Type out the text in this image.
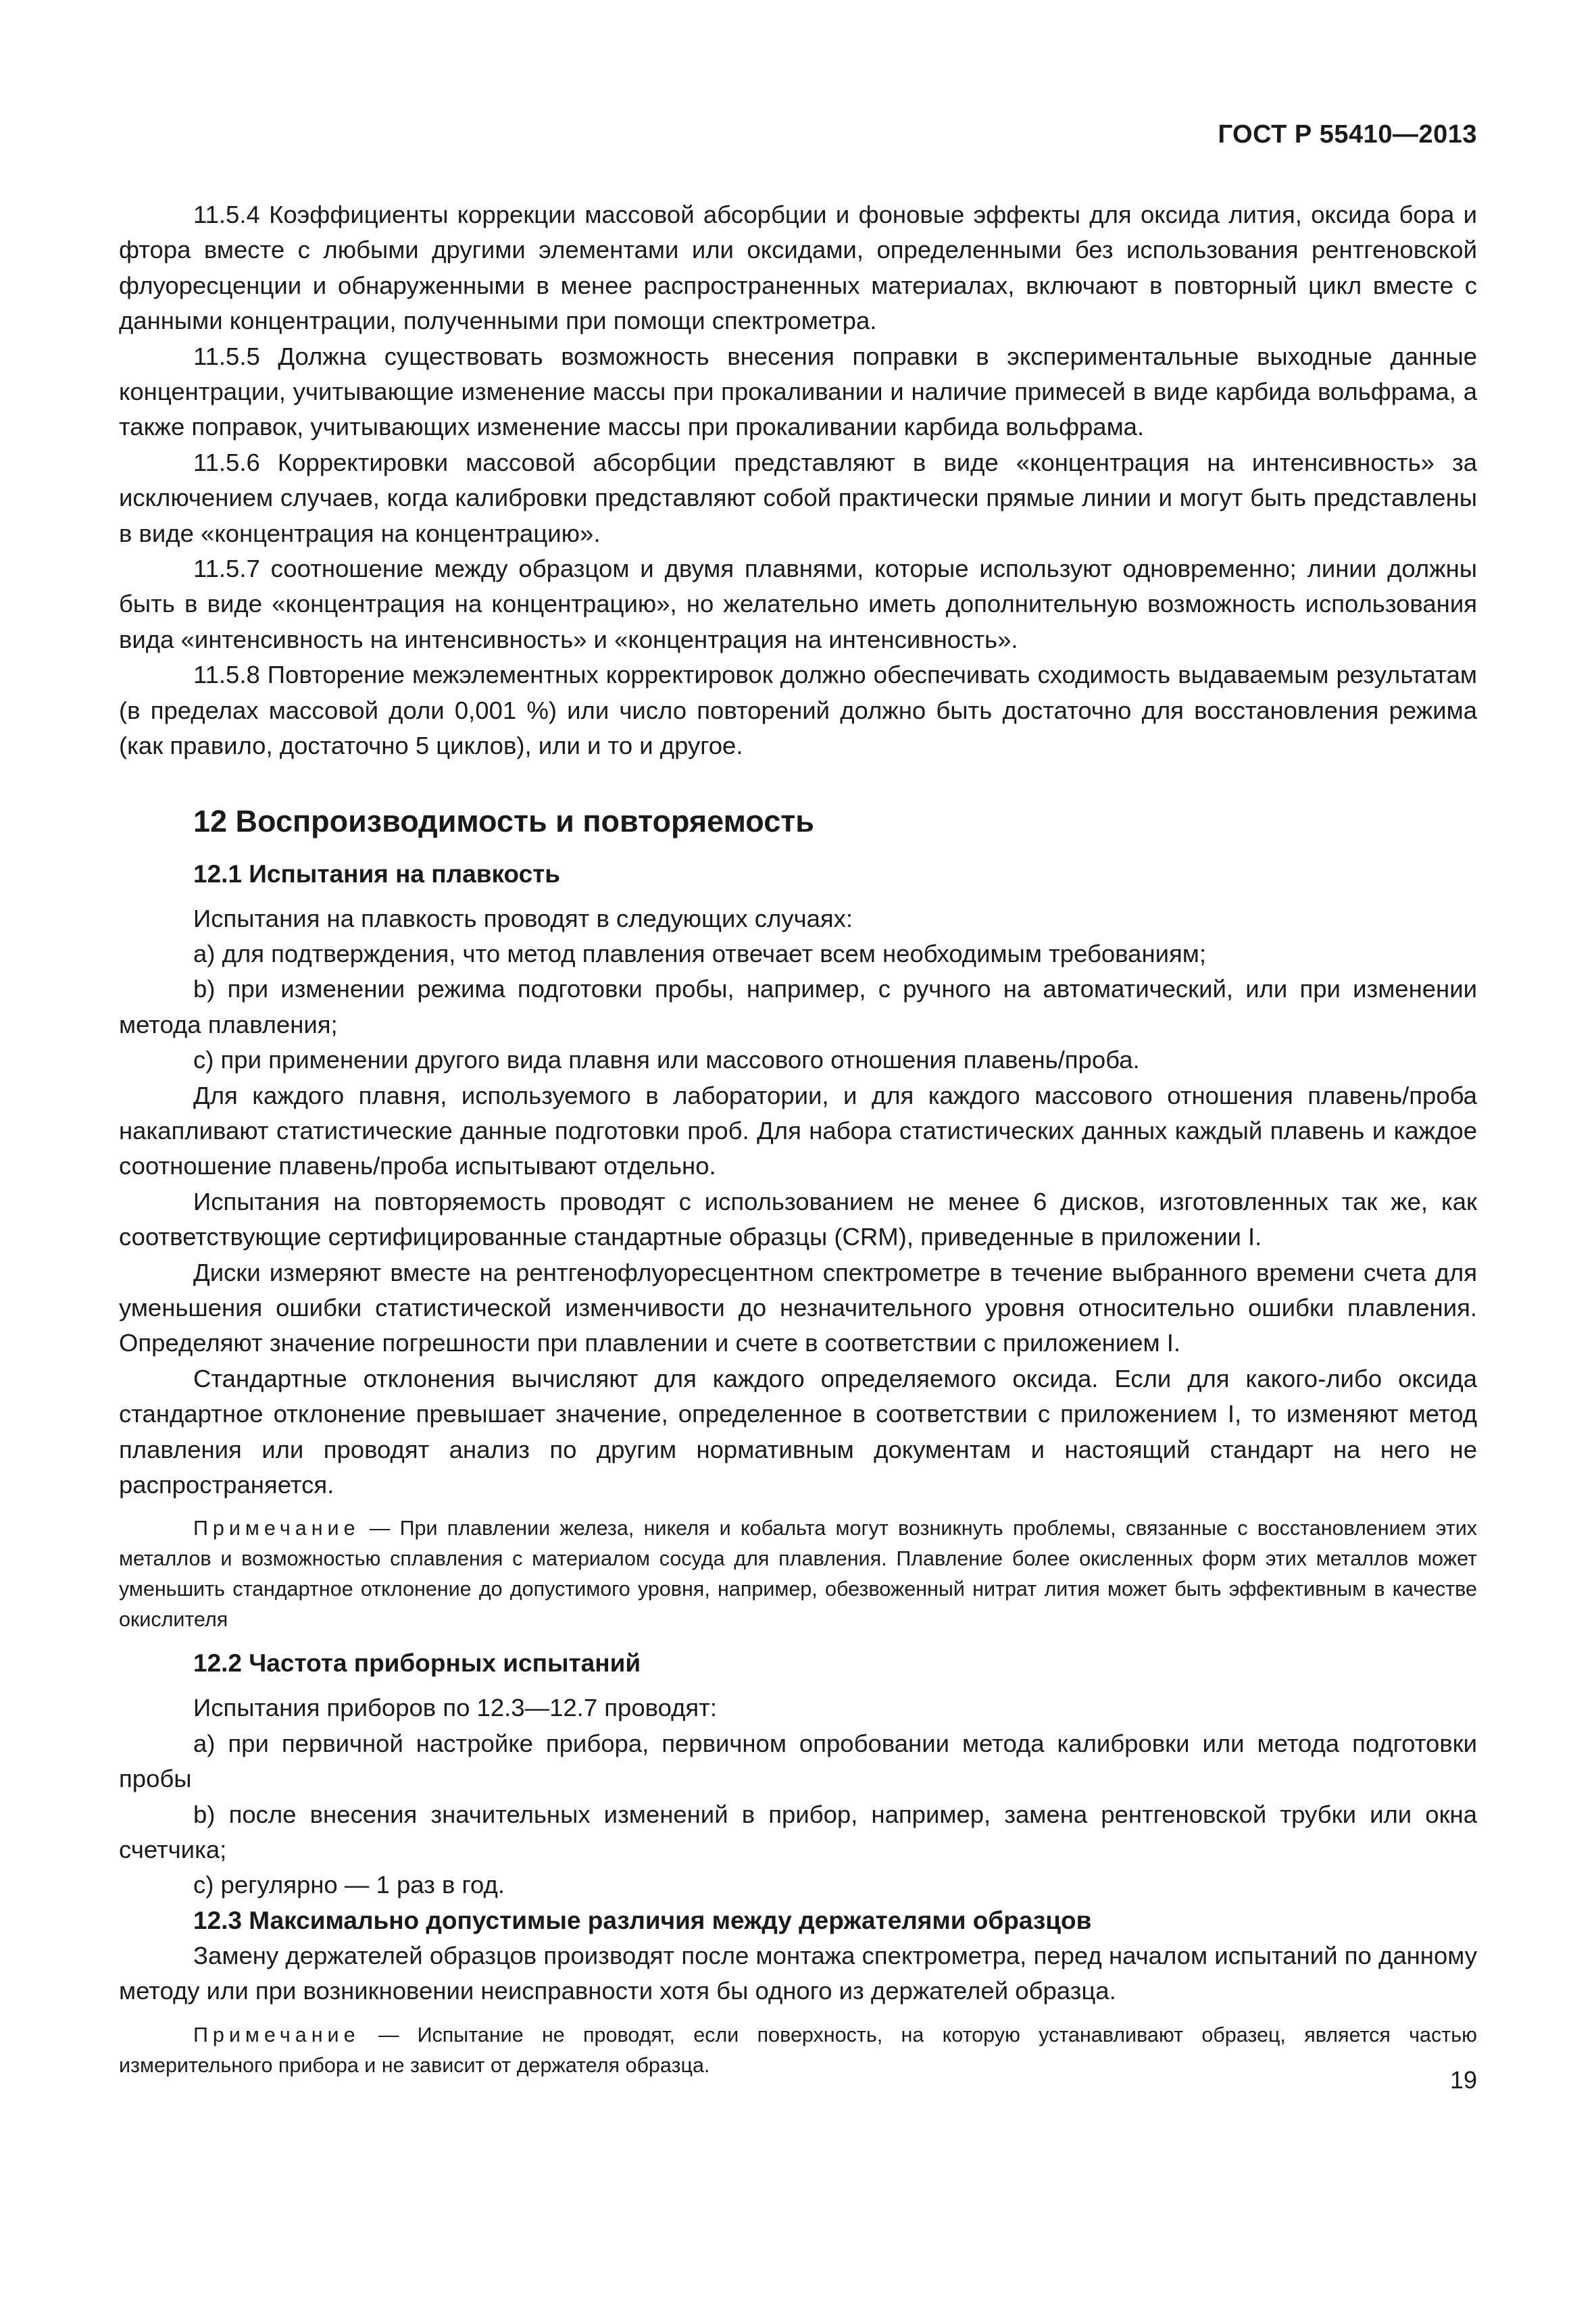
ГОСТ Р 55410—2013

11.5.4 Коэффициенты коррекции массовой абсорбции и фоновые эффекты для оксида лития, оксида бора и фтора вместе с любыми другими элементами или оксидами, определенными без использования рентгеновской флуоресценции и обнаруженными в менее распространенных материалах, включают в повторный цикл вместе с данными концентрации, полученными при помощи спектрометра.

11.5.5 Должна существовать возможность внесения поправки в экспериментальные выходные данные концентрации, учитывающие изменение массы при прокаливании и наличие примесей в виде карбида вольфрама, а также поправок, учитывающих изменение массы при прокаливании карбида вольфрама.

11.5.6 Корректировки массовой абсорбции представляют в виде «концентрация на интенсивность» за исключением случаев, когда калибровки представляют собой практически прямые линии и могут быть представлены в виде «концентрация на концентрацию».

11.5.7 соотношение между образцом и двумя плавнями, которые используют одновременно; линии должны быть в виде «концентрация на концентрацию», но желательно иметь дополнительную возможность использования вида «интенсивность на интенсивность» и «концентрация на интенсивность».

11.5.8 Повторение межэлементных корректировок должно обеспечивать сходимость выдаваемым результатам (в пределах массовой доли 0,001 %) или число повторений должно быть достаточно для восстановления режима (как правило, достаточно 5 циклов), или и то и другое.

12 Воспроизводимость и повторяемость
12.1 Испытания на плавкость

Испытания на плавкость проводят в следующих случаях:

a) для подтверждения, что метод плавления отвечает всем необходимым требованиям;

b) при изменении режима подготовки пробы, например, с ручного на автоматический, или при изменении метода плавления;

c) при применении другого вида плавня или массового отношения плавень/проба.

Для каждого плавня, используемого в лаборатории, и для каждого массового отношения плавень/проба накапливают статистические данные подготовки проб. Для набора статистических данных каждый плавень и каждое соотношение плавень/проба испытывают отдельно.

Испытания на повторяемость проводят с использованием не менее 6 дисков, изготовленных так же, как соответствующие сертифицированные стандартные образцы (CRM), приведенные в приложении I.

Диски измеряют вместе на рентгенофлуоресцентном спектрометре в течение выбранного времени счета для уменьшения ошибки статистической изменчивости до незначительного уровня относительно ошибки плавления. Определяют значение погрешности при плавлении и счете в соответствии с приложением I.

Стандартные отклонения вычисляют для каждого определяемого оксида. Если для какого-либо оксида стандартное отклонение превышает значение, определенное в соответствии с приложением I, то изменяют метод плавления или проводят анализ по другим нормативным документам и настоящий стандарт на него не распространяется.

Примечание — При плавлении железа, никеля и кобальта могут возникнуть проблемы, связанные с восстановлением этих металлов и возможностью сплавления с материалом сосуда для плавления. Плавление более окисленных форм этих металлов может уменьшить стандартное отклонение до допустимого уровня, например, обезвоженный нитрат лития может быть эффективным в качестве окислителя

12.2 Частота приборных испытаний

Испытания приборов по 12.3—12.7 проводят:

a) при первичной настройке прибора, первичном опробовании метода калибровки или метода подготовки пробы

b) после внесения значительных изменений в прибор, например, замена рентгеновской трубки или окна счетчика;

c) регулярно — 1 раз в год.

12.3 Максимально допустимые различия между держателями образцов

Замену держателей образцов производят после монтажа спектрометра, перед началом испытаний по данному методу или при возникновении неисправности хотя бы одного из держателей образца.

Примечание — Испытание не проводят, если поверхность, на которую устанавливают образец, является частью измерительного прибора и не зависит от держателя образца.

19
